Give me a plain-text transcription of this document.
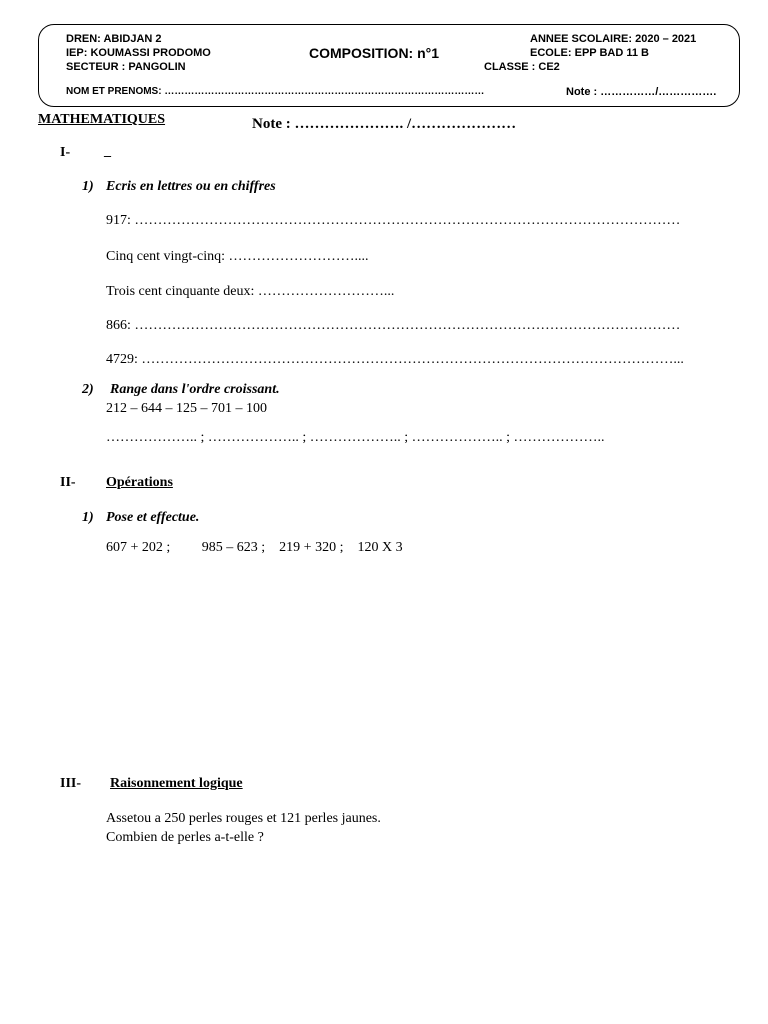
DREN: ABIDJAN 2
IEP: KOUMASSI PRODOMO
SECTEUR : PANGOLIN
COMPOSITION: n°1
ANNEE SCOLAIRE: 2020 – 2021
ECOLE: EPP BAD 11 B
CLASSE : CE2
NOM ET PRENOMS: ……………………………………………………………………………………	Note : ……………/…………….
MATHEMATIQUES	Note : …………………. /…………………
I- _
1) Ecris en lettres ou en chiffres
917: ………………………………………………………………………………………………………
Cinq cent vingt-cinq: ………………………....
Trois cent cinquante deux: ………………………...
866: ………………………………………………………………………………………………………
4729: ……………………………………………………………………………………………………...
2) Range dans l'ordre croissant.
212 – 644 – 125 – 701 – 100
……………….. ; ……………….. ; ……………….. ; ……………….. ; ………………..
II- Opérations
1) Pose et effectue.
607 + 202 ;         985 – 623 ;    219 + 320 ;    120 X 3
III- Raisonnement logique
Assetou a 250 perles rouges et 121 perles jaunes.
Combien de perles a-t-elle ?
